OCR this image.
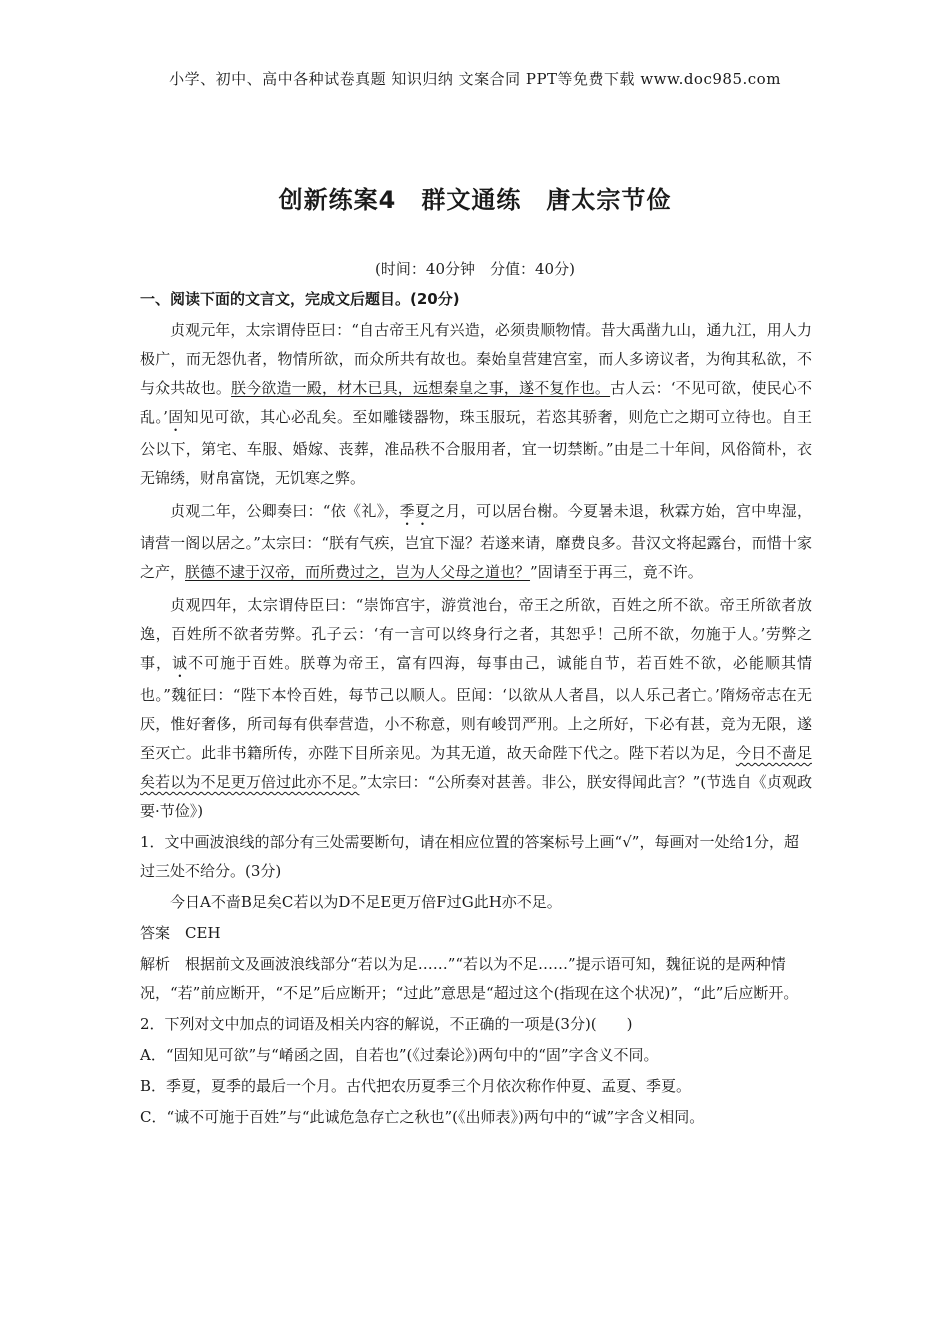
小学、初中、高中各种试卷真题 知识归纳 文案合同 PPT等免费下载 www.doc985.com
创新练案4　群文通练　唐太宗节俭
(时间：40分钟　分值：40分)
一、阅读下面的文言文，完成文后题目。(20分)

贞观元年，太宗谓侍臣曰：“自古帝王凡有兴造，必须贵顺物情。昔大禹凿九山，通九江，用人力极广，而无怨仇者，物情所欲，而众所共有故也。秦始皇营建宫室，而人多谤议者，为徇其私欲，不与众共故也。朕今欲造一殿，材木已具，远想秦皇之事，遂不复作也。古人云：‘不见可欲，使民心不乱。’固知见可欲，其心必乱矣。至如雕镂器物，珠玉服玩，若恣其骄奢，则危亡之期可立待也。自王公以下，第宅、车服、婚嫁、丧葬，准品秩不合服用者，宜一切禁断。”由是二十年间，风俗简朴，衣无锦绣，财帛富饶，无饥寒之弊。

贞观二年，公卿奏曰：“依《礼》，季夏之月，可以居台榭。今夏暑未退，秋霖方始，宫中卑湿，请营一阁以居之。”太宗曰：“朕有气疾，岂宜下湿？若遂来请，靡费良多。昔汉文将起露台，而惜十家之产，朕德不逮于汉帝，而所费过之，岂为人父母之道也？”固请至于再三，竟不许。

贞观四年，太宗谓侍臣曰：“崇饰宫宇，游赏池台，帝王之所欲，百姓之所不欲。帝王所欲者放逸，百姓所不欲者劳弊。孔子云：‘有一言可以终身行之者，其恕乎！己所不欲，勿施于人。’劳弊之事，诚不可施于百姓。朕尊为帝王，富有四海，每事由己，诚能自节，若百姓不欲，必能顺其情也。”魏征曰：“陛下本怜百姓，每节己以顺人。臣闻：‘以欲从人者昌，以人乐己者亡。’隋炀帝志在无厌，惟好奢侈，所司每有供奉营造，小不称意，则有峻罚严刑。上之所好，下必有甚，竞为无限，遂至灭亡。此非书籍所传，亦陛下目所亲见。为其无道，故天命陛下代之。陛下若以为足，今日不啬足矣若以为不足更万倍过此亦不足。”太宗曰：“公所奏对甚善。非公，朕安得闻此言？”(节选自《贞观政要·节俭》)

1．文中画波浪线的部分有三处需要断句，请在相应位置的答案标号上画“√”，每画对一处给1分，超过三处不给分。(3分)

今日A不啬B足矣C若以为D不足E更万倍F过G此H亦不足。

答案　 CEH

解析　 根据前文及画波浪线部分“若以为足……”“若以为不足……”提示语可知，魏征说的是两种情况，“若”前应断开，“不足”后应断开；“过此”意思是“超过这个(指现在这个状况)”，“此”后应断开。

2．下列对文中加点的词语及相关内容的解说，不正确的一项是(3分)(　　)

A．“固知见可欲”与“崤函之固，自若也”(《过秦论》)两句中的“固”字含义不同。

B．季夏，夏季的最后一个月。古代把农历夏季三个月依次称作仲夏、孟夏、季夏。

C．“诚不可施于百姓”与“此诚危急存亡之秋也”(《出师表》)两句中的“诚”字含义相同。
